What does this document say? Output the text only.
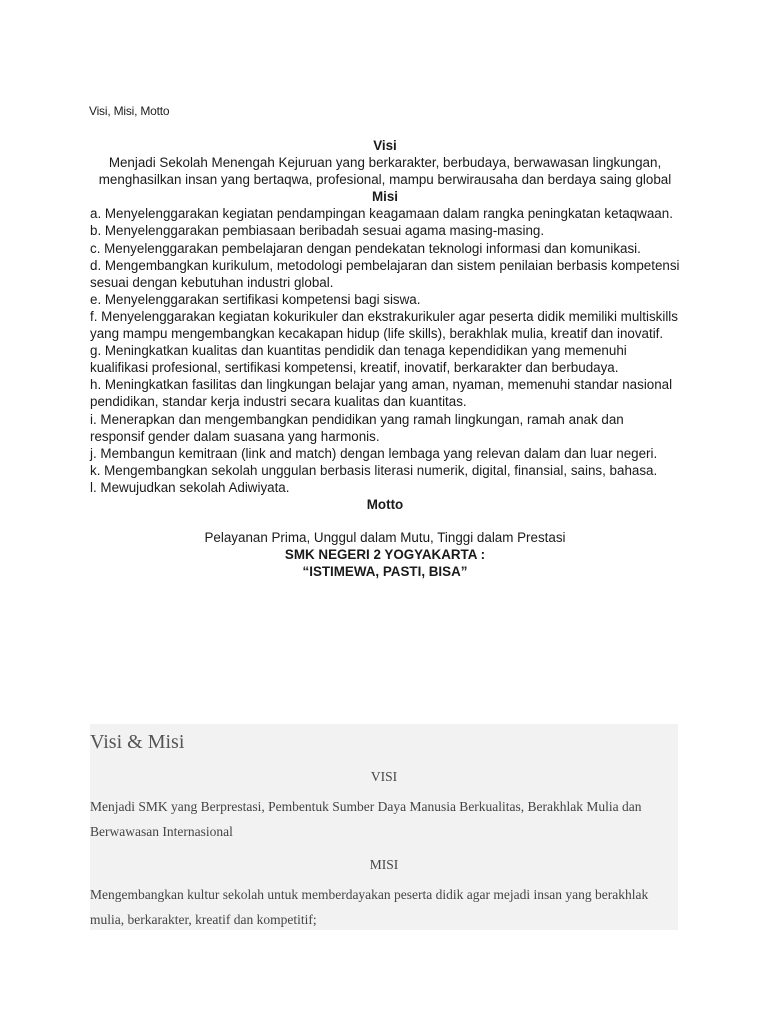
Visi, Misi, Motto
Visi
Menjadi Sekolah Menengah Kejuruan yang berkarakter, berbudaya, berwawasan lingkungan, menghasilkan insan yang bertaqwa, profesional, mampu berwirausaha dan berdaya saing global
Misi
a. Menyelenggarakan kegiatan pendampingan keagamaan dalam rangka peningkatan ketaqwaan.
b. Menyelenggarakan pembiasaan beribadah sesuai agama masing-masing.
c. Menyelenggarakan pembelajaran dengan pendekatan teknologi informasi dan komunikasi.
d. Mengembangkan kurikulum, metodologi pembelajaran dan sistem penilaian berbasis kompetensi sesuai dengan kebutuhan industri global.
e. Menyelenggarakan sertifikasi kompetensi bagi siswa.
f. Menyelenggarakan kegiatan kokurikuler dan ekstrakurikuler agar peserta didik memiliki multiskills yang mampu mengembangkan kecakapan hidup (life skills), berakhlak mulia, kreatif dan inovatif.
g. Meningkatkan kualitas dan kuantitas pendidik dan tenaga kependidikan yang memenuhi kualifikasi profesional, sertifikasi kompetensi, kreatif, inovatif, berkarakter dan berbudaya.
h. Meningkatkan fasilitas dan lingkungan belajar yang aman, nyaman, memenuhi standar nasional pendidikan, standar kerja industri secara kualitas dan kuantitas.
i. Menerapkan dan mengembangkan pendidikan yang ramah lingkungan, ramah anak dan responsif gender dalam suasana yang harmonis.
j. Membangun kemitraan (link and match) dengan lembaga yang relevan dalam dan luar negeri.
k. Mengembangkan sekolah unggulan berbasis literasi numerik, digital, finansial, sains, bahasa.
l. Mewujudkan sekolah Adiwiyata.
Motto
Pelayanan Prima, Unggul dalam Mutu, Tinggi dalam Prestasi
SMK NEGERI 2 YOGYAKARTA :
“ISTIMEWA, PASTI, BISA”
Visi & Misi
VISI
Menjadi SMK yang Berprestasi, Pembentuk Sumber Daya Manusia Berkualitas, Berakhlak Mulia dan Berwawasan Internasional
MISI
Mengembangkan kultur sekolah untuk memberdayakan peserta didik agar mejadi insan yang berakhlak mulia, berkarakter, kreatif dan kompetitif;
